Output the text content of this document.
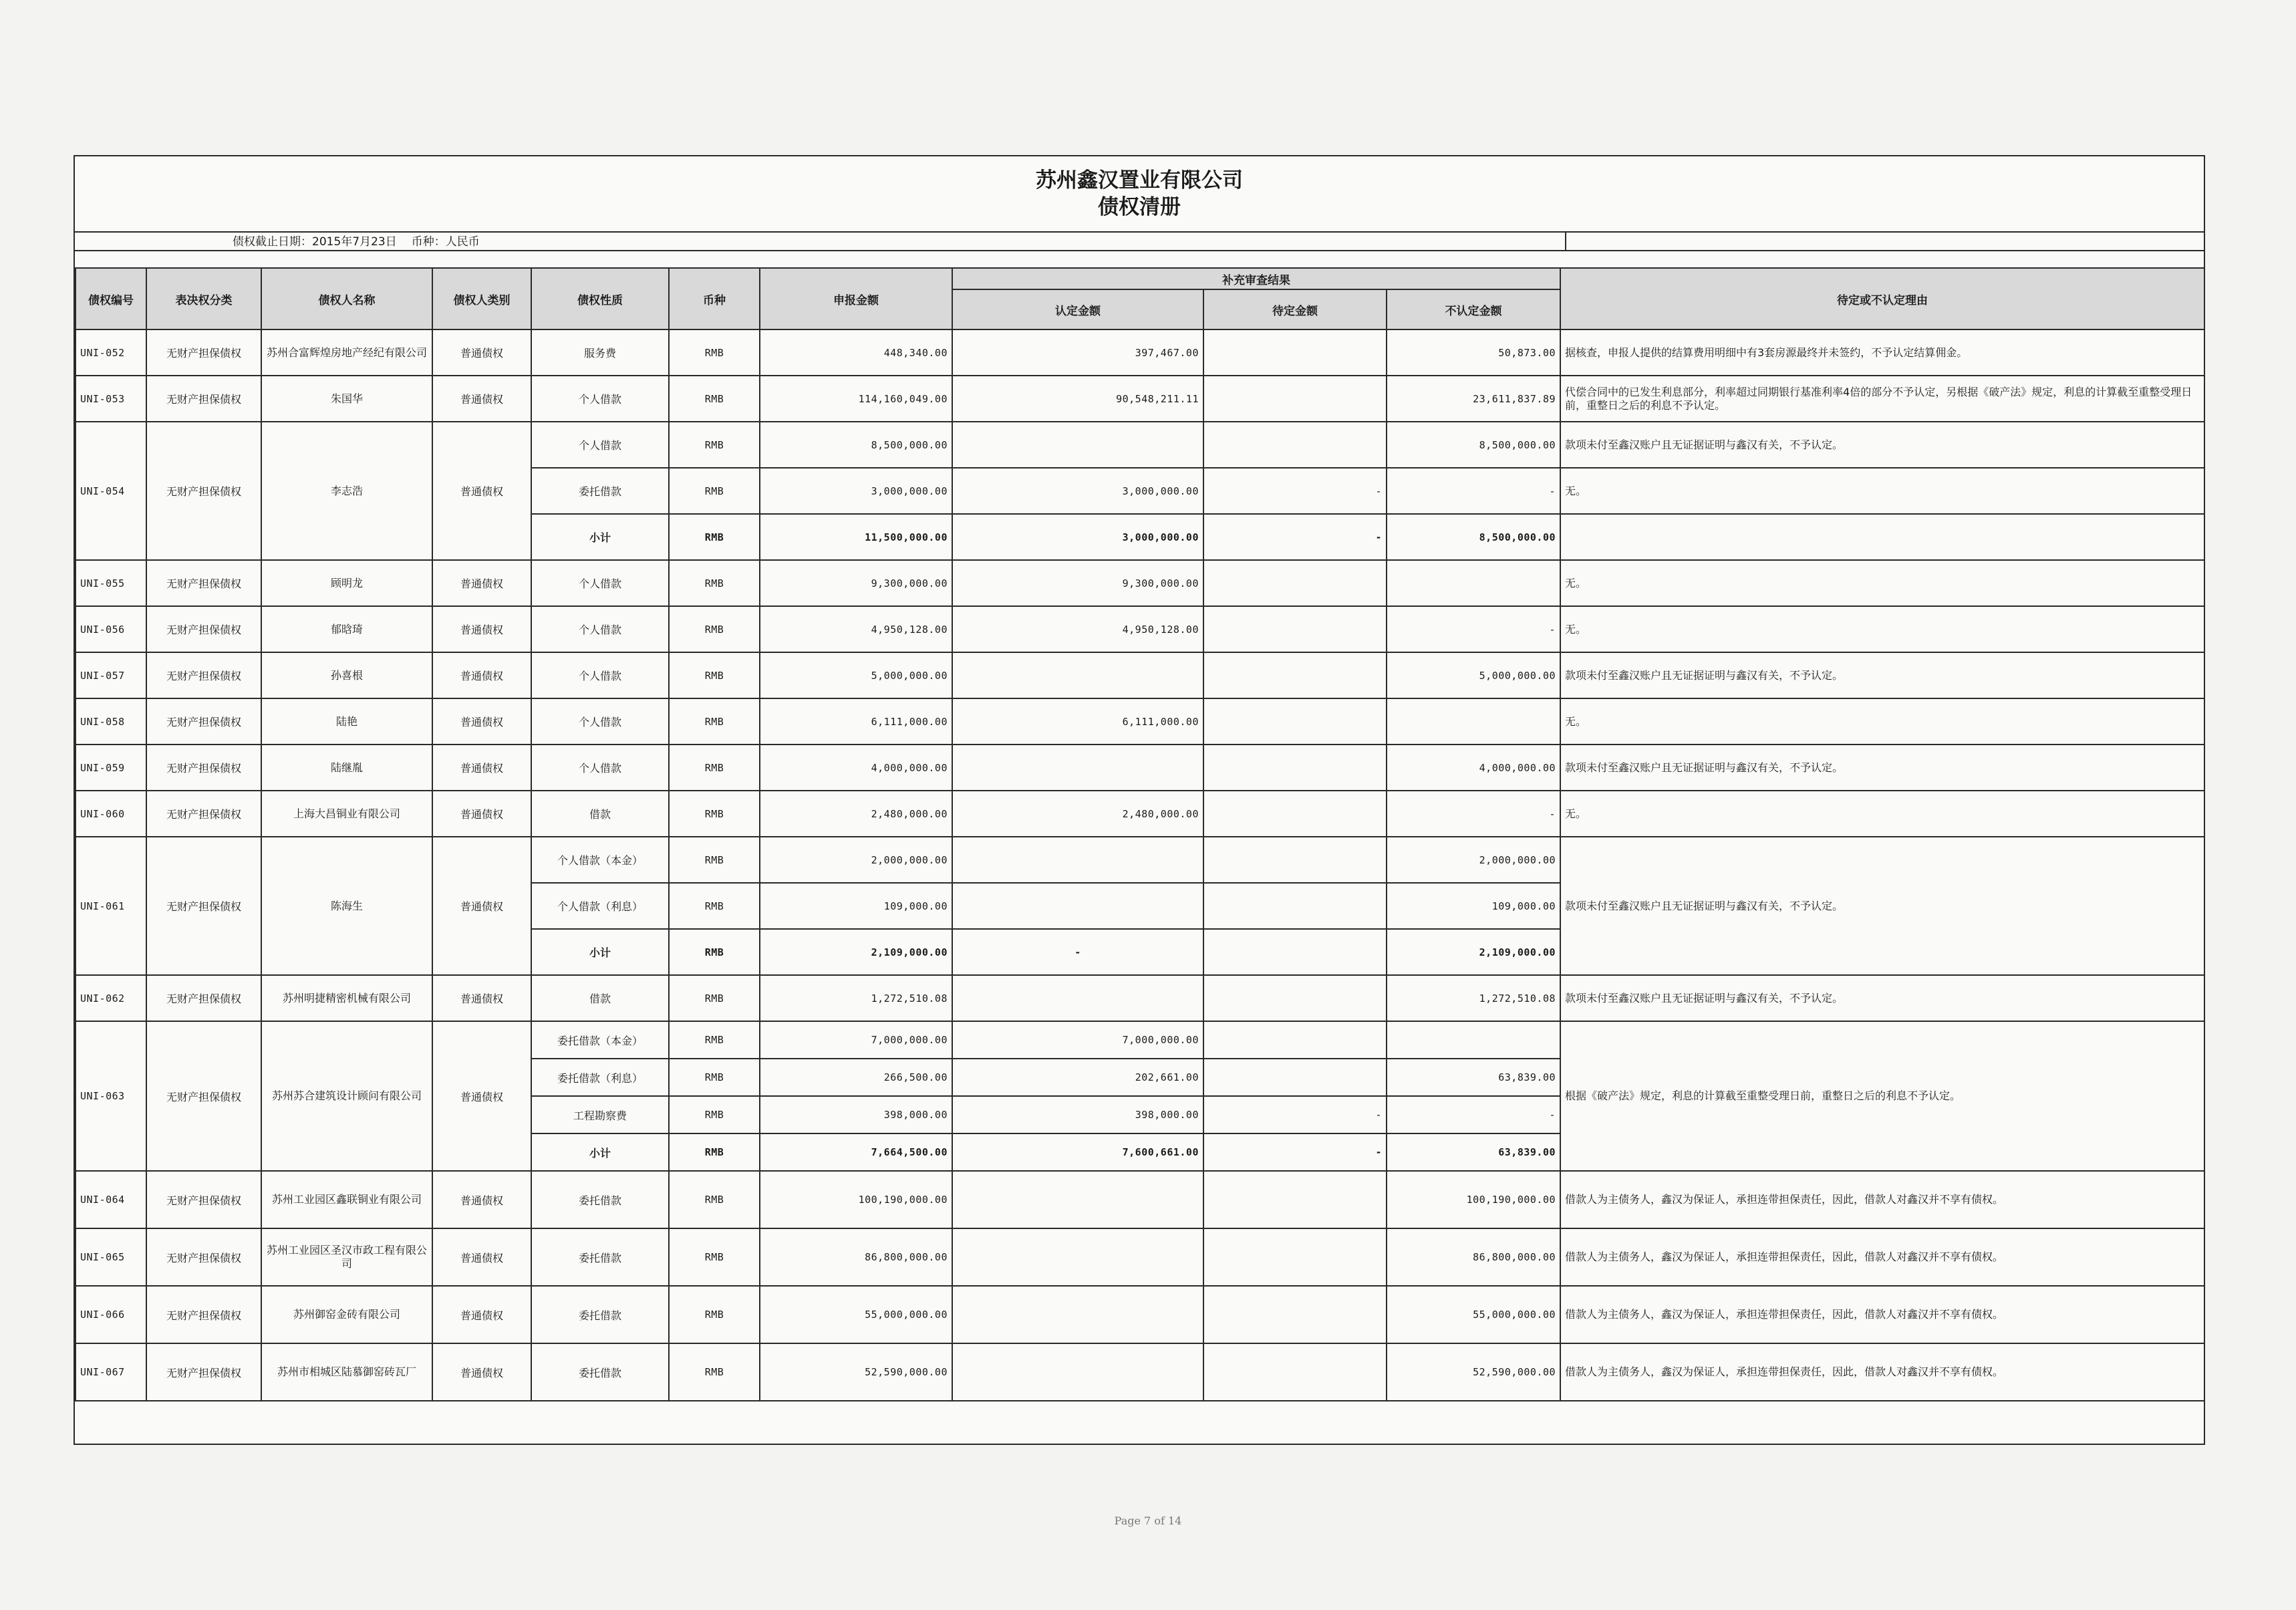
苏州鑫汉置业有限公司
债权清册
债权截止日期：2015年7月23日 币种：人民币
债权编号	表决权分类	债权人名称	债权人类别	债权性质	币种	申报金额	补充审查结果			待定或不认定理由
							认定金额	待定金额	不认定金额	
UNI-052	无财产担保债权	苏州合富辉煌房地产经纪有限公司	普通债权	服务费	RMB	448,340.00	397,467.00		50,873.00	据核查，申报人提供的结算费用明细中有3套房源最终并未签约，不予认定结算佣金。
UNI-053	无财产担保债权	朱国华	普通债权	个人借款	RMB	114,160,049.00	90,548,211.11		23,611,837.89	代偿合同中的已发生利息部分，利率超过同期银行基准利率4倍的部分不予认定，另根据《破产法》规定，利息的计算截至重整受理日前，重整日之后的利息不予认定。
UNI-054	无财产担保债权	李志浩	普通债权	个人借款	RMB	8,500,000.00			8,500,000.00	款项未付至鑫汉账户且无证据证明与鑫汉有关，不予认定。
				委托借款	RMB	3,000,000.00	3,000,000.00	-	-	无。
				小计	RMB	11,500,000.00	3,000,000.00	-	8,500,000.00	
UNI-055	无财产担保债权	顾明龙	普通债权	个人借款	RMB	9,300,000.00	9,300,000.00			无。
UNI-056	无财产担保债权	郁晗琦	普通债权	个人借款	RMB	4,950,128.00	4,950,128.00		-	无。
UNI-057	无财产担保债权	孙喜根	普通债权	个人借款	RMB	5,000,000.00			5,000,000.00	款项未付至鑫汉账户且无证据证明与鑫汉有关，不予认定。
UNI-058	无财产担保债权	陆艳	普通债权	个人借款	RMB	6,111,000.00	6,111,000.00			无。
UNI-059	无财产担保债权	陆继胤	普通债权	个人借款	RMB	4,000,000.00			4,000,000.00	款项未付至鑫汉账户且无证据证明与鑫汉有关，不予认定。
UNI-060	无财产担保债权	上海大昌铜业有限公司	普通债权	借款	RMB	2,480,000.00	2,480,000.00		-	无。
UNI-061	无财产担保债权	陈海生	普通债权	个人借款（本金）	RMB	2,000,000.00			2,000,000.00	款项未付至鑫汉账户且无证据证明与鑫汉有关，不予认定。
				个人借款（利息）	RMB	109,000.00			109,000.00	
				小计	RMB	2,109,000.00	-		2,109,000.00	
UNI-062	无财产担保债权	苏州明捷精密机械有限公司	普通债权	借款	RMB	1,272,510.08			1,272,510.08	款项未付至鑫汉账户且无证据证明与鑫汉有关，不予认定。
UNI-063	无财产担保债权	苏州苏合建筑设计顾问有限公司	普通债权	委托借款（本金）	RMB	7,000,000.00	7,000,000.00			根据《破产法》规定，利息的计算截至重整受理日前，重整日之后的利息不予认定。
				委托借款（利息）	RMB	266,500.00	202,661.00		63,839.00	
				工程勘察费	RMB	398,000.00	398,000.00	-	-	
				小计	RMB	7,664,500.00	7,600,661.00	-	63,839.00	
UNI-064	无财产担保债权	苏州工业园区鑫联铜业有限公司	普通债权	委托借款	RMB	100,190,000.00			100,190,000.00	借款人为主债务人，鑫汉为保证人，承担连带担保责任，因此，借款人对鑫汉并不享有债权。
UNI-065	无财产担保债权	苏州工业园区圣汉市政工程有限公司	普通债权	委托借款	RMB	86,800,000.00			86,800,000.00	借款人为主债务人，鑫汉为保证人，承担连带担保责任，因此，借款人对鑫汉并不享有债权。
UNI-066	无财产担保债权	苏州御窑金砖有限公司	普通债权	委托借款	RMB	55,000,000.00			55,000,000.00	借款人为主债务人，鑫汉为保证人，承担连带担保责任，因此，借款人对鑫汉并不享有债权。
UNI-067	无财产担保债权	苏州市相城区陆慕御窑砖瓦厂	普通债权	委托借款	RMB	52,590,000.00			52,590,000.00	借款人为主债务人，鑫汉为保证人，承担连带担保责任，因此，借款人对鑫汉并不享有债权。
Page 7 of 14
